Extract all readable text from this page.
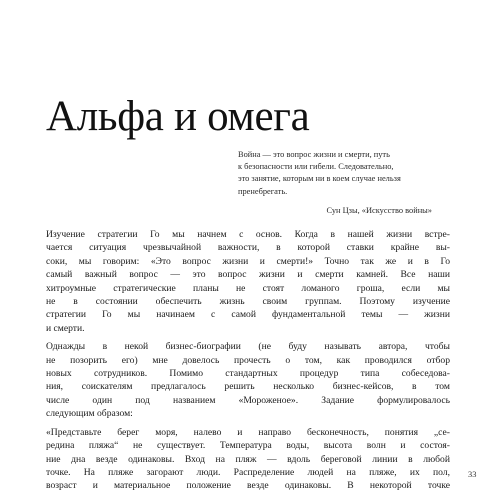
Альфа и омега
Война — это вопрос жизни и смерти, путь
к безопасности или гибели. Следовательно,
это занятие, которым ни в коем случае нельзя
пренебрегать.
Сун Цзы, «Искусство войны»

Изучение стратегии Го мы начнем с основ. Когда в нашей жизни встре-
чается ситуация чрезвычайной важности, в которой ставки крайне вы-
соки, мы говорим: «Это вопрос жизни и смерти!» Точно так же и в Го
самый важный вопрос — это вопрос жизни и смерти камней. Все наши
хитроумные стратегические планы не стоят ломаного гроша, если мы
не в состоянии обеспечить жизнь своим группам. Поэтому изучение
стратегии Го мы начинаем с самой фундаментальной темы — жизни
и смерти.

Однажды в некой бизнес-биографии (не буду называть автора, чтобы
не позорить его) мне довелось прочесть о том, как проводился отбор
новых сотрудников. Помимо стандартных процедур типа собеседова-
ния, соискателям предлагалось решить несколько бизнес-кейсов, в том
числе один под названием «Мороженое». Задание формулировалось
следующим образом:

«Представьте берег моря, налево и направо бесконечность, понятия „се-
редина пляжа“ не существует. Температура воды, высота волн и состоя-
ние дна везде одинаковы. Вход на пляж — вдоль береговой линии в любой
точке. На пляже загорают люди. Распределение людей на пляже, их пол,
возраст и материальное положение везде одинаковы. В некоторой точке

33
